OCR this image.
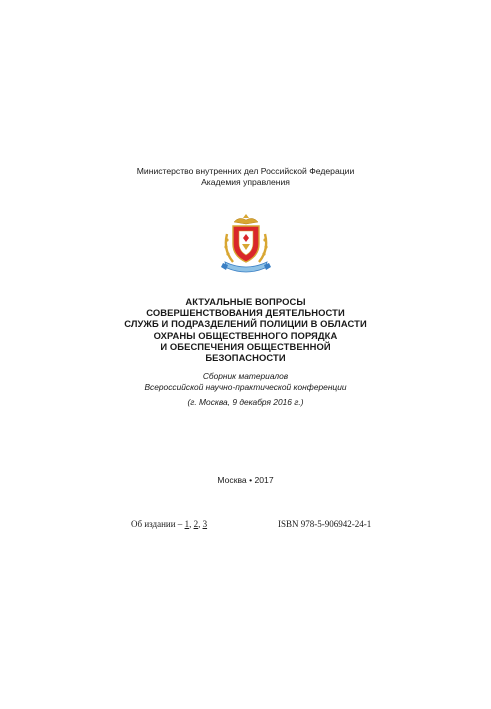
Министерство внутренних дел Российской Федерации
Академия управления
АКТУАЛЬНЫЕ ВОПРОСЫ
СОВЕРШЕНСТВОВАНИЯ ДЕЯТЕЛЬНОСТИ
СЛУЖБ И ПОДРАЗДЕЛЕНИЙ ПОЛИЦИИ В ОБЛАСТИ
ОХРАНЫ ОБЩЕСТВЕННОГО ПОРЯДКА
И ОБЕСПЕЧЕНИЯ ОБЩЕСТВЕННОЙ
БЕЗОПАСНОСТИ
Сборник материалов
Всероссийской научно-практической конференции
(г. Москва, 9 декабря 2016 г.)
Москва • 2017
Об издании – 1, 2, 3	ISBN 978-5-906942-24-1
